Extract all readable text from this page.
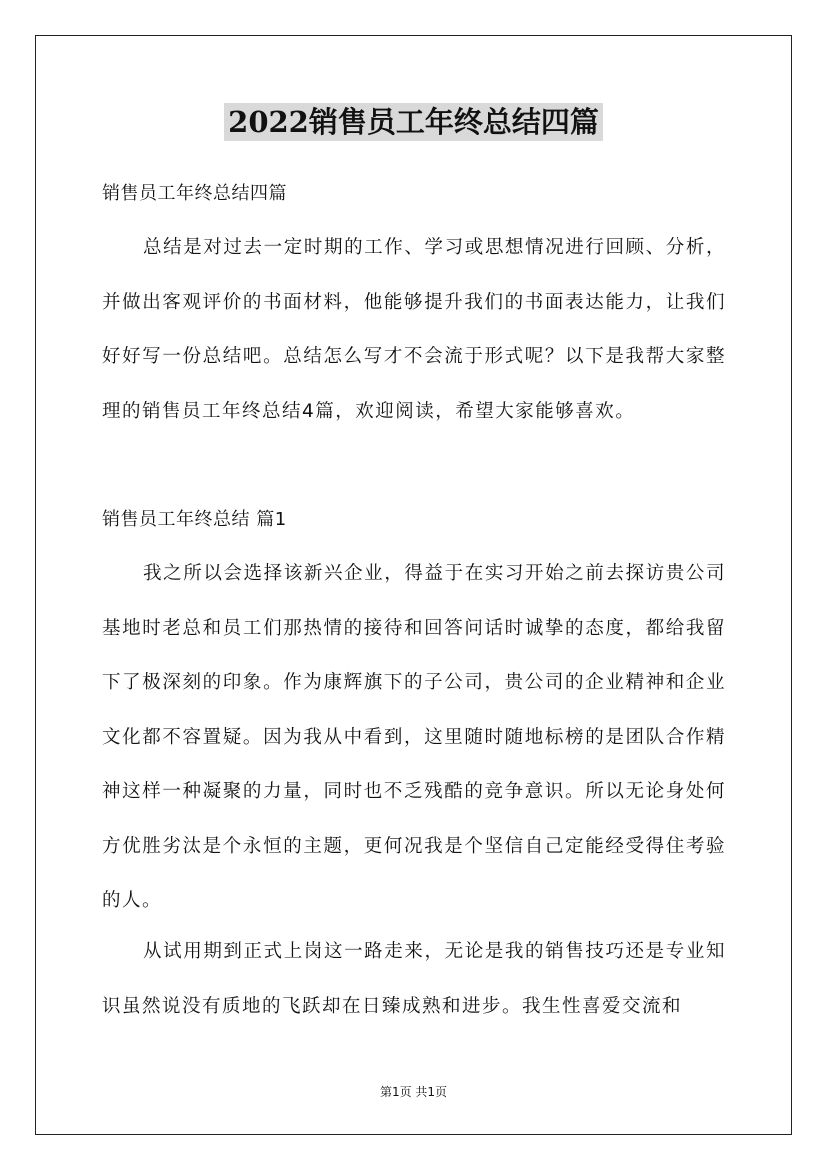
2022销售员工年终总结四篇

销售员工年终总结四篇

总结是对过去一定时期的工作、学习或思想情况进行回顾、分析，并做出客观评价的书面材料，他能够提升我们的书面表达能力，让我们好好写一份总结吧。总结怎么写才不会流于形式呢？以下是我帮大家整理的销售员工年终总结4篇，欢迎阅读，希望大家能够喜欢。

销售员工年终总结 篇1

我之所以会选择该新兴企业，得益于在实习开始之前去探访贵公司基地时老总和员工们那热情的接待和回答问话时诚挚的态度，都给我留下了极深刻的印象。作为康辉旗下的子公司，贵公司的企业精神和企业文化都不容置疑。因为我从中看到，这里随时随地标榜的是团队合作精神这样一种凝聚的力量，同时也不乏残酷的竞争意识。所以无论身处何方优胜劣汰是个永恒的主题，更何况我是个坚信自己定能经受得住考验的人。

从试用期到正式上岗这一路走来，无论是我的销售技巧还是专业知识虽然说没有质地的飞跃却在日臻成熟和进步。我生性喜爱交流和

第1页 共1页
